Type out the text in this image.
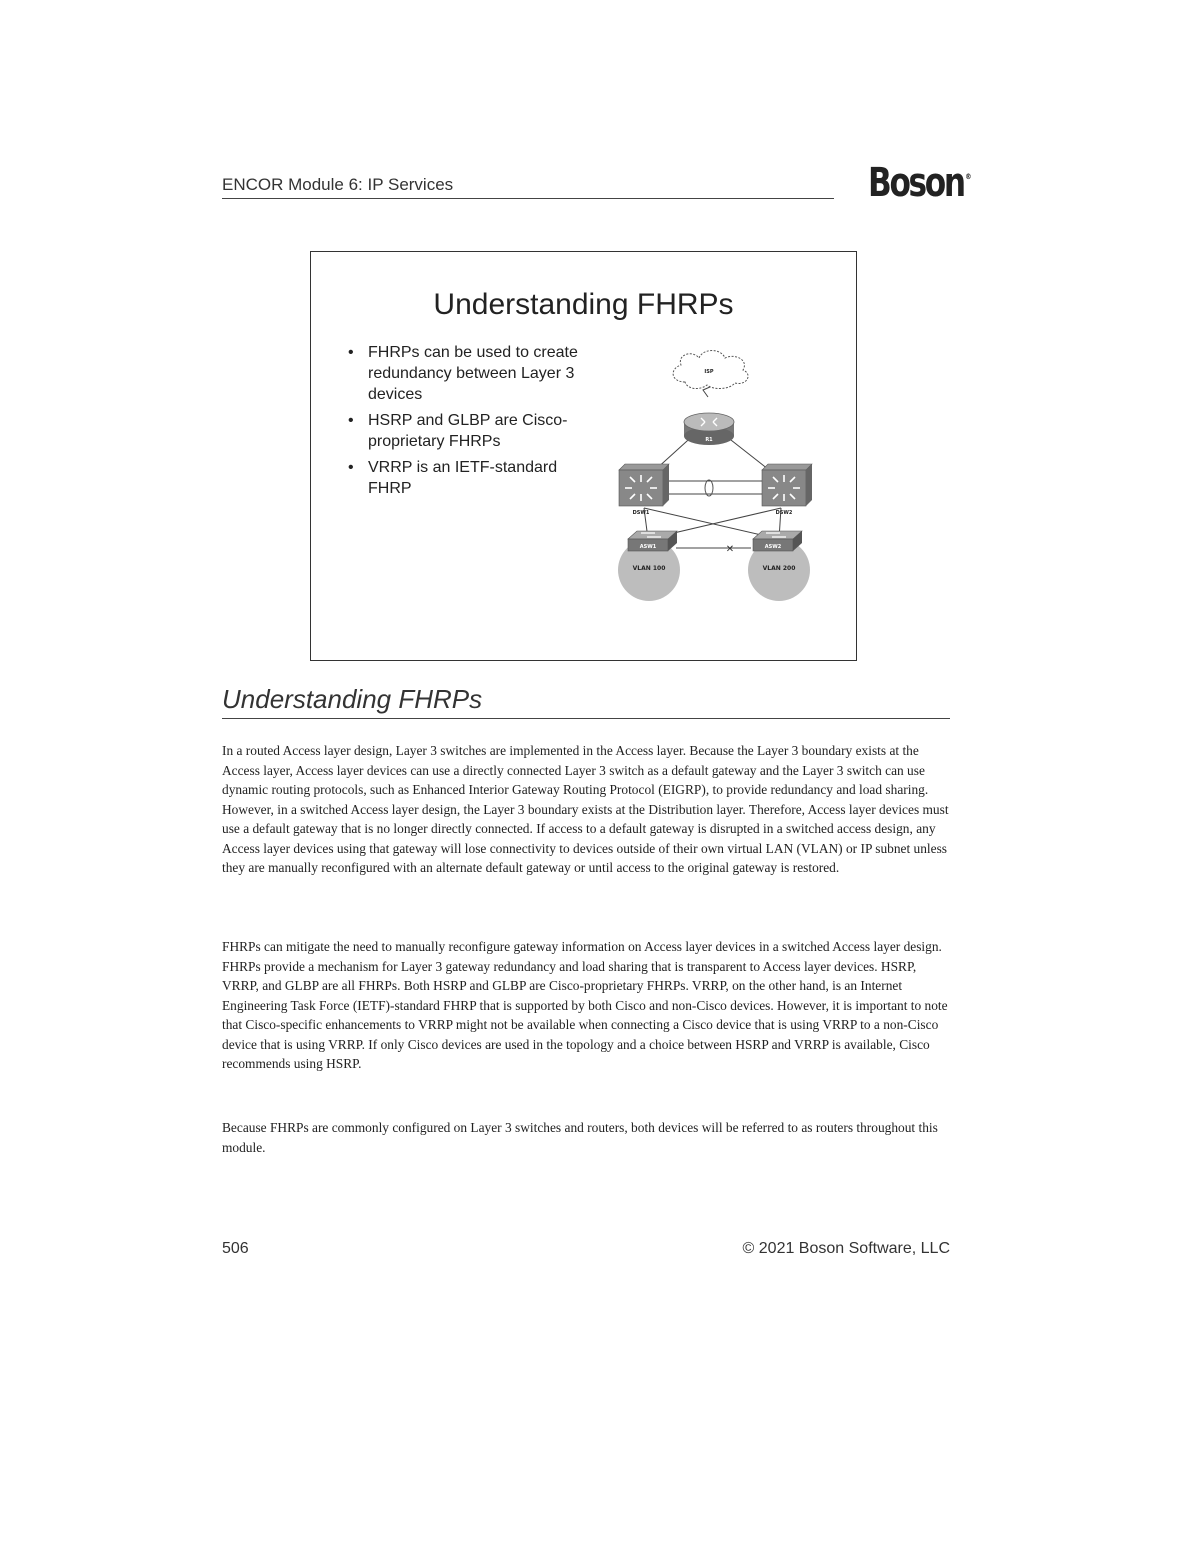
ENCOR Module 6: IP Services	Boson ®
Understanding FHRPs
• FHRPs can be used to create redundancy between Layer 3 devices
• HSRP and GLBP are Cisco-proprietary FHRPs
• VRRP is an IETF-standard FHRP
✕
ISP
R1
DSW1	DSW2
VLAN 100	VLAN 200
ASW1	ASW2
Understanding FHRPs

In a routed Access layer design, Layer 3 switches are implemented in the Access layer. Because the Layer 3 boundary exists at the Access layer, Access layer devices can use a directly connected Layer 3 switch as a default gateway and the Layer 3 switch can use dynamic routing protocols, such as Enhanced Interior Gateway Routing Protocol (EIGRP), to provide redundancy and load sharing. However, in a switched Access layer design, the Layer 3 boundary exists at the Distribution layer. Therefore, Access layer devices must use a default gateway that is no longer directly connected. If access to a default gateway is disrupted in a switched access design, any Access layer devices using that gateway will lose connectivity to devices outside of their own virtual LAN (VLAN) or IP subnet unless they are manually reconfigured with an alternate default gateway or until access to the original gateway is restored.

FHRPs can mitigate the need to manually reconfigure gateway information on Access layer devices in a switched Access layer design. FHRPs provide a mechanism for Layer 3 gateway redundancy and load sharing that is transparent to Access layer devices. HSRP, VRRP, and GLBP are all FHRPs. Both HSRP and GLBP are Cisco-proprietary FHRPs. VRRP, on the other hand, is an Internet Engineering Task Force (IETF)-standard FHRP that is supported by both Cisco and non-Cisco devices. However, it is important to note that Cisco-specific enhancements to VRRP might not be available when connecting a Cisco device that is using VRRP to a non-Cisco device that is using VRRP. If only Cisco devices are used in the topology and a choice between HSRP and VRRP is available, Cisco recommends using HSRP.

Because FHRPs are commonly configured on Layer 3 switches and routers, both devices will be referred to as routers throughout this module.

506	© 2021 Boson Software, LLC
